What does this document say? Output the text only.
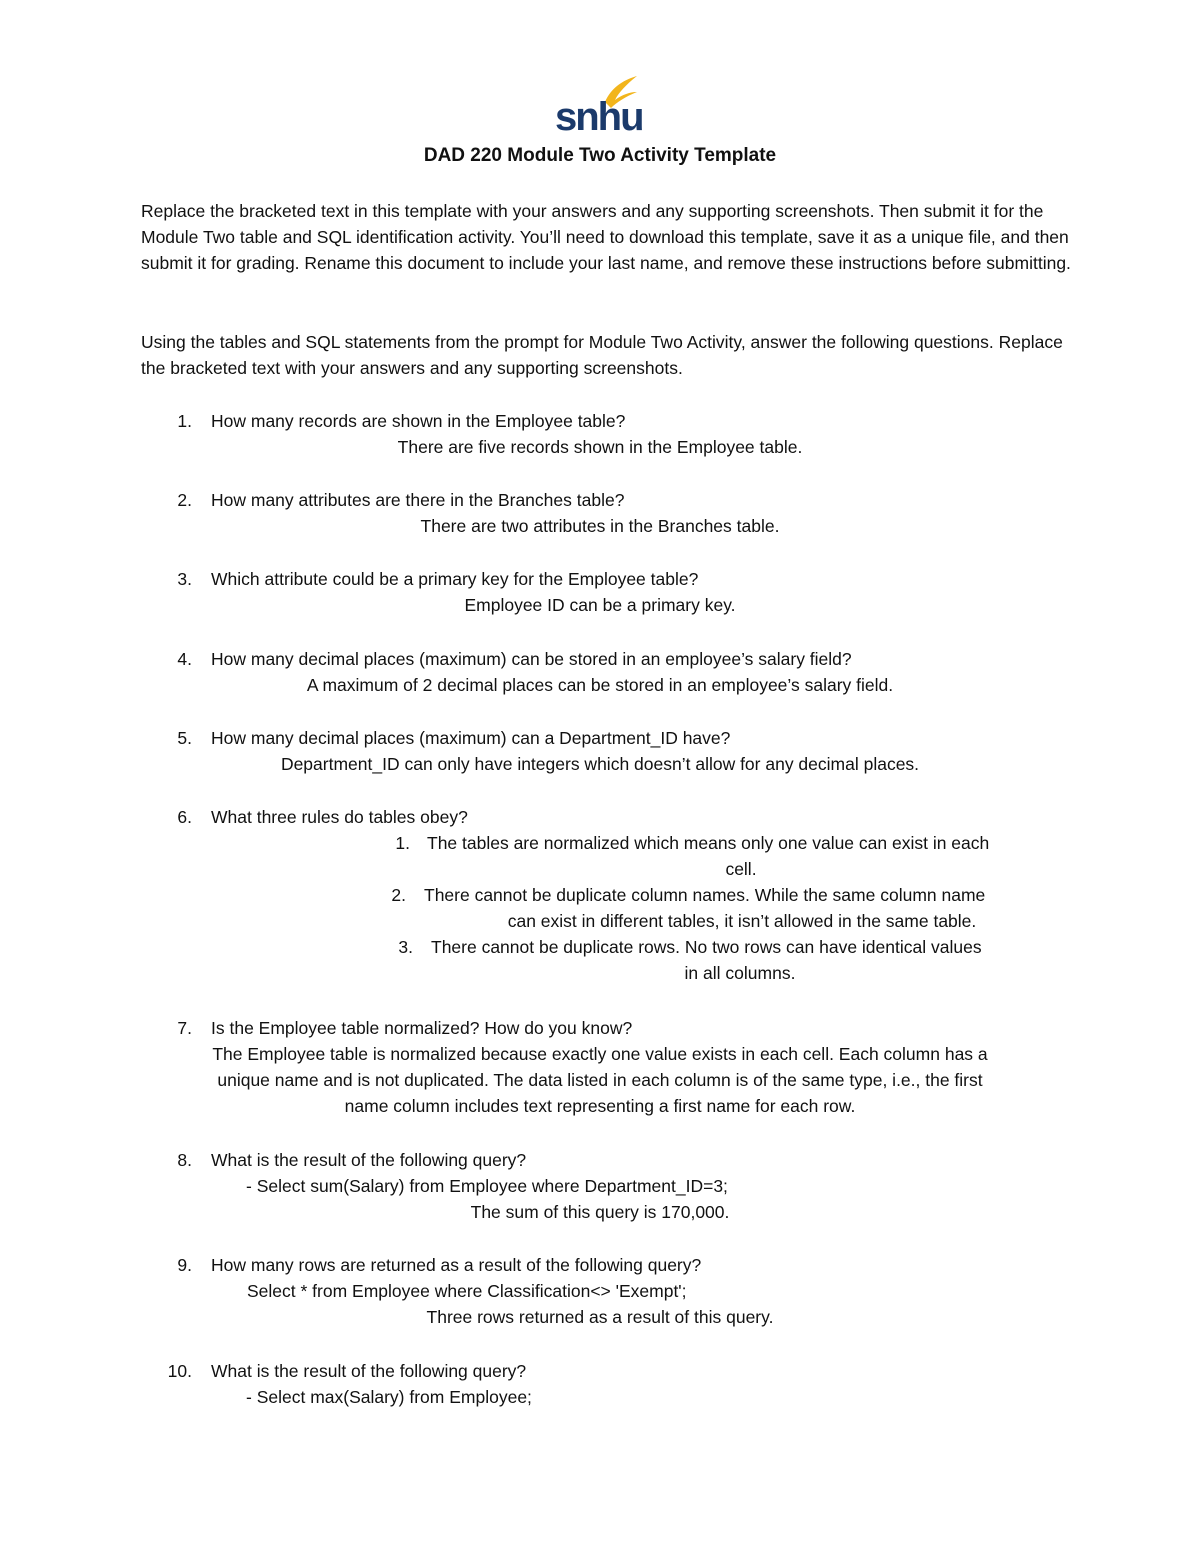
snhu
DAD 220 Module Two Activity Template

Replace the bracketed text in this template with your answers and any supporting screenshots. Then submit it for the Module Two table and SQL identification activity. You’ll need to download this template, save it as a unique file, and then submit it for grading. Rename this document to include your last name, and remove these instructions before submitting.

Using the tables and SQL statements from the prompt for Module Two Activity, answer the following questions. Replace the bracketed text with your answers and any supporting screenshots.

1. How many records are shown in the Employee table?
There are five records shown in the Employee table.
2. How many attributes are there in the Branches table?
There are two attributes in the Branches table.
3. Which attribute could be a primary key for the Employee table?
Employee ID can be a primary key.
4. How many decimal places (maximum) can be stored in an employee’s salary field?
A maximum of 2 decimal places can be stored in an employee’s salary field.
5. How many decimal places (maximum) can a Department_ID have?
Department_ID can only have integers which doesn’t allow for any decimal places.
6. What three rules do tables obey?
1. The tables are normalized which means only one value can exist in each
cell.
2. There cannot be duplicate column names. While the same column name
can exist in different tables, it isn’t allowed in the same table.
3. There cannot be duplicate rows. No two rows can have identical values
in all columns.
7. Is the Employee table normalized? How do you know?
The Employee table is normalized because exactly one value exists in each cell. Each column has a
unique name and is not duplicated. The data listed in each column is of the same type, i.e., the first
name column includes text representing a first name for each row.
8. What is the result of the following query?
- Select sum(Salary) from Employee where Department_ID=3;
The sum of this query is 170,000.
9. How many rows are returned as a result of the following query?
Select * from Employee where Classification<> 'Exempt';
Three rows returned as a result of this query.
10. What is the result of the following query?
- Select max(Salary) from Employee;
